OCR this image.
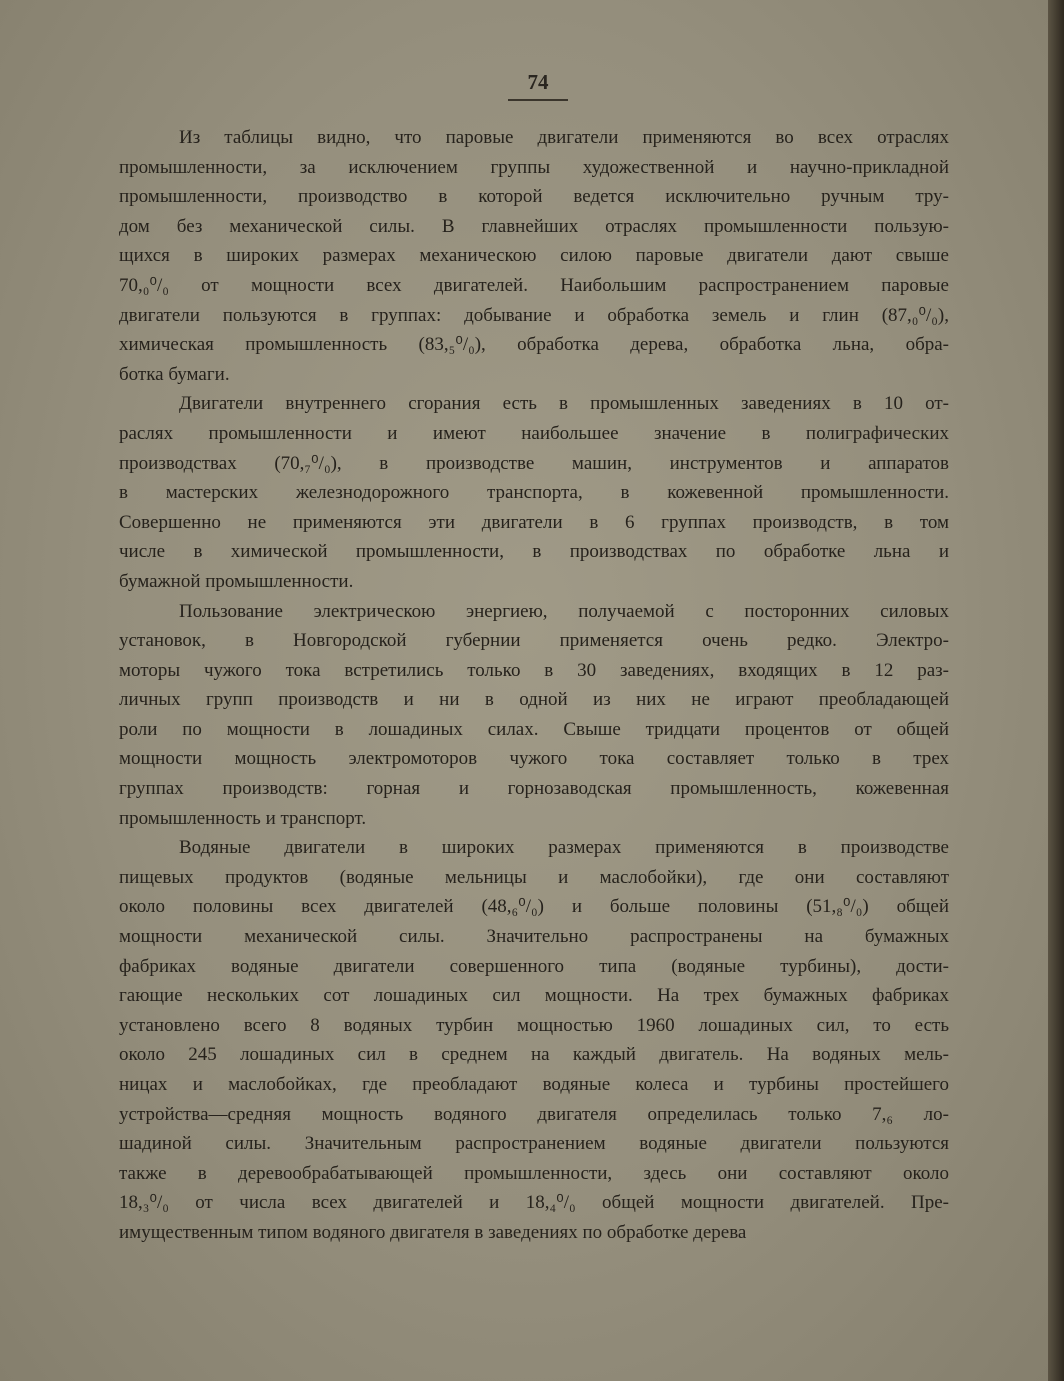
74
Из таблицы видно, что паровые двигатели применяются во всех отраслях
промышленности, за исключением группы художественной и научно-прикладной
промышленности, производство в которой ведется исключительно ручным тру-
дом без механической силы. В главнейших отраслях промышленности пользую-
щихся в широких размерах механическою силою паровые двигатели дают свыше
70,₀⁰/₀ от мощности всех двигателей. Наибольшим распространением паровые
двигатели пользуются в группах: добывание и обработка земель и глин (87,₀⁰/₀),
химическая промышленность (83,₅⁰/₀), обработка дерева, обработка льна, обра-
ботка бумаги.
Двигатели внутреннего сгорания есть в промышленных заведениях в 10 от-
раслях промышленности и имеют наибольшее значение в полиграфических
производствах (70,₇⁰/₀), в производстве машин, инструментов и аппаратов
в мастерских железнодорожного транспорта, в кожевенной промышленности.
Совершенно не применяются эти двигатели в 6 группах производств, в том
числе в химической промышленности, в производствах по обработке льна и
бумажной промышленности.
Пользование электрическою энергиею, получаемой с посторонних силовых
установок, в Новгородской губернии применяется очень редко. Электро-
моторы чужого тока встретились только в 30 заведениях, входящих в 12 раз-
личных групп производств и ни в одной из них не играют преобладающей
роли по мощности в лошадиных силах. Свыше тридцати процентов от общей
мощности мощность электромоторов чужого тока составляет только в трех
группах производств: горная и горнозаводская промышленность, кожевенная
промышленность и транспорт.
Водяные двигатели в широких размерах применяются в производстве
пищевых продуктов (водяные мельницы и маслобойки), где они составляют
около половины всех двигателей (48,₆⁰/₀) и больше половины (51,₈⁰/₀) общей
мощности механической силы. Значительно распространены на бумажных
фабриках водяные двигатели совершенного типа (водяные турбины), дости-
гающие нескольких сот лошадиных сил мощности. На трех бумажных фабриках
установлено всего 8 водяных турбин мощностью 1960 лошадиных сил, то есть
около 245 лошадиных сил в среднем на каждый двигатель. На водяных мель-
ницах и маслобойках, где преобладают водяные колеса и турбины простейшего
устройства—средняя мощность водяного двигателя определилась только 7,₆ ло-
шадиной силы. Значительным распространением водяные двигатели пользуются
также в деревообрабатывающей промышленности, здесь они составляют около
18,₃⁰/₀ от числа всех двигателей и 18,₄⁰/₀ общей мощности двигателей. Пре-
имущественным типом водяного двигателя в заведениях по обработке дерева
